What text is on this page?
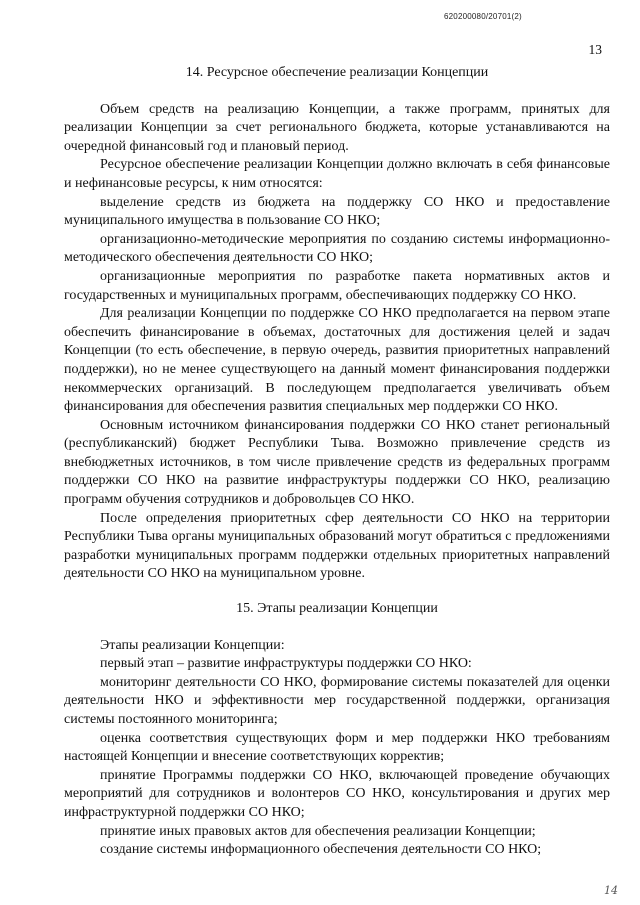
620200080/20701(2)
13
14. Ресурсное обеспечение реализации Концепции

Объем средств на реализацию Концепции, а также программ, принятых для реализации Концепции за счет регионального бюджета, которые устанавливаются на очередной финансовый год и плановый период.

Ресурсное обеспечение реализации Концепции должно включать в себя финансовые и нефинансовые ресурсы, к ним относятся:

выделение средств из бюджета на поддержку СО НКО и предоставление муниципального имущества в пользование СО НКО;

организационно-методические мероприятия по созданию системы информационно-методического обеспечения деятельности СО НКО;

организационные мероприятия по разработке пакета нормативных актов и государственных и муниципальных программ, обеспечивающих поддержку СО НКО.

Для реализации Концепции по поддержке СО НКО предполагается на первом этапе обеспечить финансирование в объемах, достаточных для достижения целей и задач Концепции (то есть обеспечение, в первую очередь, развития приоритетных направлений поддержки), но не менее существующего на данный момент финансирования поддержки некоммерческих организаций. В последующем предполагается увеличивать объем финансирования для обеспечения развития специальных мер поддержки СО НКО.

Основным источником финансирования поддержки СО НКО станет региональный (республиканский) бюджет Республики Тыва. Возможно привлечение средств из внебюджетных источников, в том числе привлечение средств из федеральных программ поддержки СО НКО на развитие инфраструктуры поддержки СО НКО, реализацию программ обучения сотрудников и добровольцев СО НКО.

После определения приоритетных сфер деятельности СО НКО на территории Республики Тыва органы муниципальных образований могут обратиться с предложениями разработки муниципальных программ поддержки отдельных приоритетных направлений деятельности СО НКО на муниципальном уровне.

15. Этапы реализации Концепции

Этапы реализации Концепции:

первый этап – развитие инфраструктуры поддержки СО НКО:

мониторинг деятельности СО НКО, формирование системы показателей для оценки деятельности НКО и эффективности мер государственной поддержки, организация системы постоянного мониторинга;

оценка соответствия существующих форм и мер поддержки НКО требованиям настоящей Концепции и внесение соответствующих корректив;

принятие Программы поддержки СО НКО, включающей проведение обучающих мероприятий для сотрудников и волонтеров СО НКО, консультирования и других мер инфраструктурной поддержки СО НКО;

принятие иных правовых актов для обеспечения реализации Концепции;

создание системы информационного обеспечения деятельности СО НКО;

14
